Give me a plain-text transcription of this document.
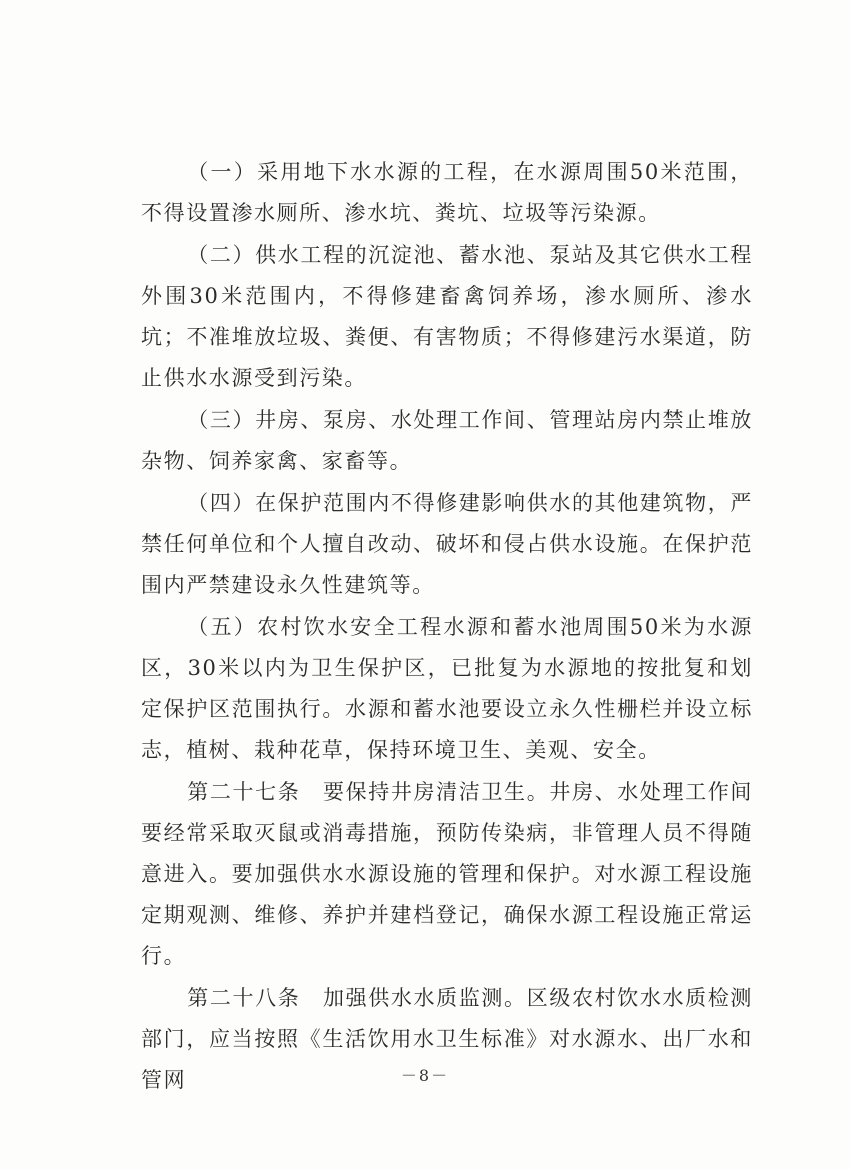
（一）采用地下水水源的工程，在水源周围50米范围，不得设置渗水厕所、渗水坑、粪坑、垃圾等污染源。

（二）供水工程的沉淀池、蓄水池、泵站及其它供水工程外围30米范围内，不得修建畜禽饲养场，渗水厕所、渗水坑；不准堆放垃圾、粪便、有害物质；不得修建污水渠道，防止供水水源受到污染。

（三）井房、泵房、水处理工作间、管理站房内禁止堆放杂物、饲养家禽、家畜等。

（四）在保护范围内不得修建影响供水的其他建筑物，严禁任何单位和个人擅自改动、破坏和侵占供水设施。在保护范围内严禁建设永久性建筑等。

（五）农村饮水安全工程水源和蓄水池周围50米为水源区，30米以内为卫生保护区，已批复为水源地的按批复和划定保护区范围执行。水源和蓄水池要设立永久性栅栏并设立标志，植树、栽种花草，保持环境卫生、美观、安全。

第二十七条　要保持井房清洁卫生。井房、水处理工作间要经常采取灭鼠或消毒措施，预防传染病，非管理人员不得随意进入。要加强供水水源设施的管理和保护。对水源工程设施定期观测、维修、养护并建档登记，确保水源工程设施正常运行。

第二十八条　加强供水水质监测。区级农村饮水水质检测部门，应当按照《生活饮用水卫生标准》对水源水、出厂水和管网	－8－
